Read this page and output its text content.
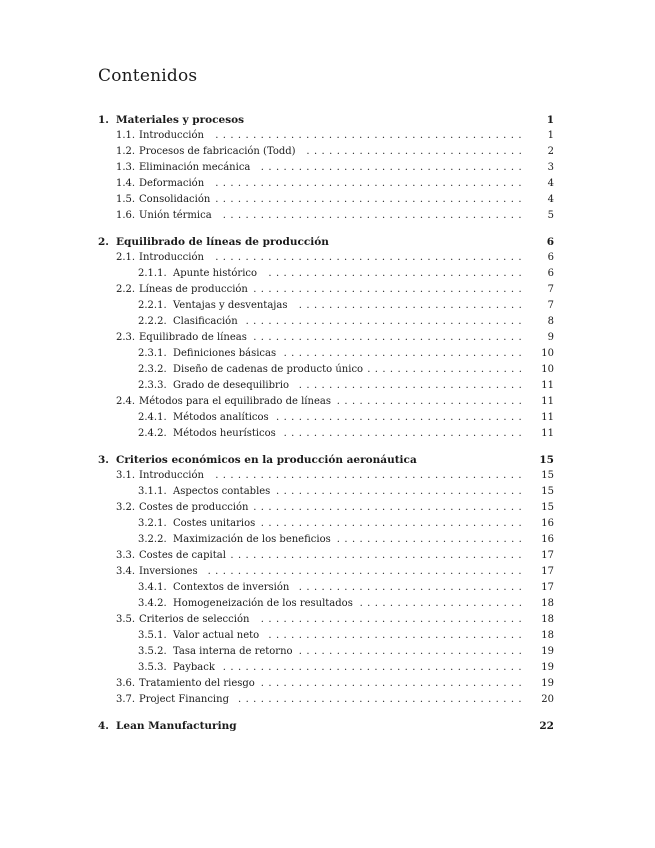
Contenidos
1. Materiales y procesos	1
1.1. Introducción	1
.........................................
1.2. Procesos de fabricación (Todd)	2
.............................
1.3. Eliminación mecánica	3
...................................
1.4. Deformación	4
.........................................
1.5. Consolidación	4
.........................................
1.6. Unión térmica	5
........................................
2. Equilibrado de líneas de producción	6
2.1. Introducción	6
.........................................
2.1.1. Apunte histórico	6
..................................
2.2. Líneas de producción	7
....................................
2.2.1. Ventajas y desventajas	7
..............................
2.2.2. Clasificación	8
.....................................
2.3. Equilibrado de líneas	9
....................................
2.3.1. Definiciones básicas	10
................................
2.3.2. Diseño de cadenas de producto único	10
.....................
2.3.3. Grado de desequilibrio	11
..............................
2.4. Métodos para el equilibrado de líneas	11
.........................
2.4.1. Métodos analíticos	11
.................................
2.4.2. Métodos heurísticos	11
................................
3. Criterios económicos en la producción aeronáutica	15
3.1. Introducción	15
.........................................
3.1.1. Aspectos contables	15
.................................
3.2. Costes de producción	15
....................................
3.2.1. Costes unitarios	16
...................................
3.2.2. Maximización de los beneficios	16
.........................
3.3. Costes de capital	17
.......................................
3.4. Inversiones	17
..........................................
3.4.1. Contextos de inversión	17
..............................
3.4.2. Homogeneización de los resultados	18
......................
3.5. Criterios de selección	18
...................................
3.5.1. Valor actual neto	18
..................................
3.5.2. Tasa interna de retorno	19
..............................
3.5.3. Payback	19
........................................
3.6. Tratamiento del riesgo	19
...................................
3.7. Project Financing	20
......................................
4. Lean Manufacturing	22
